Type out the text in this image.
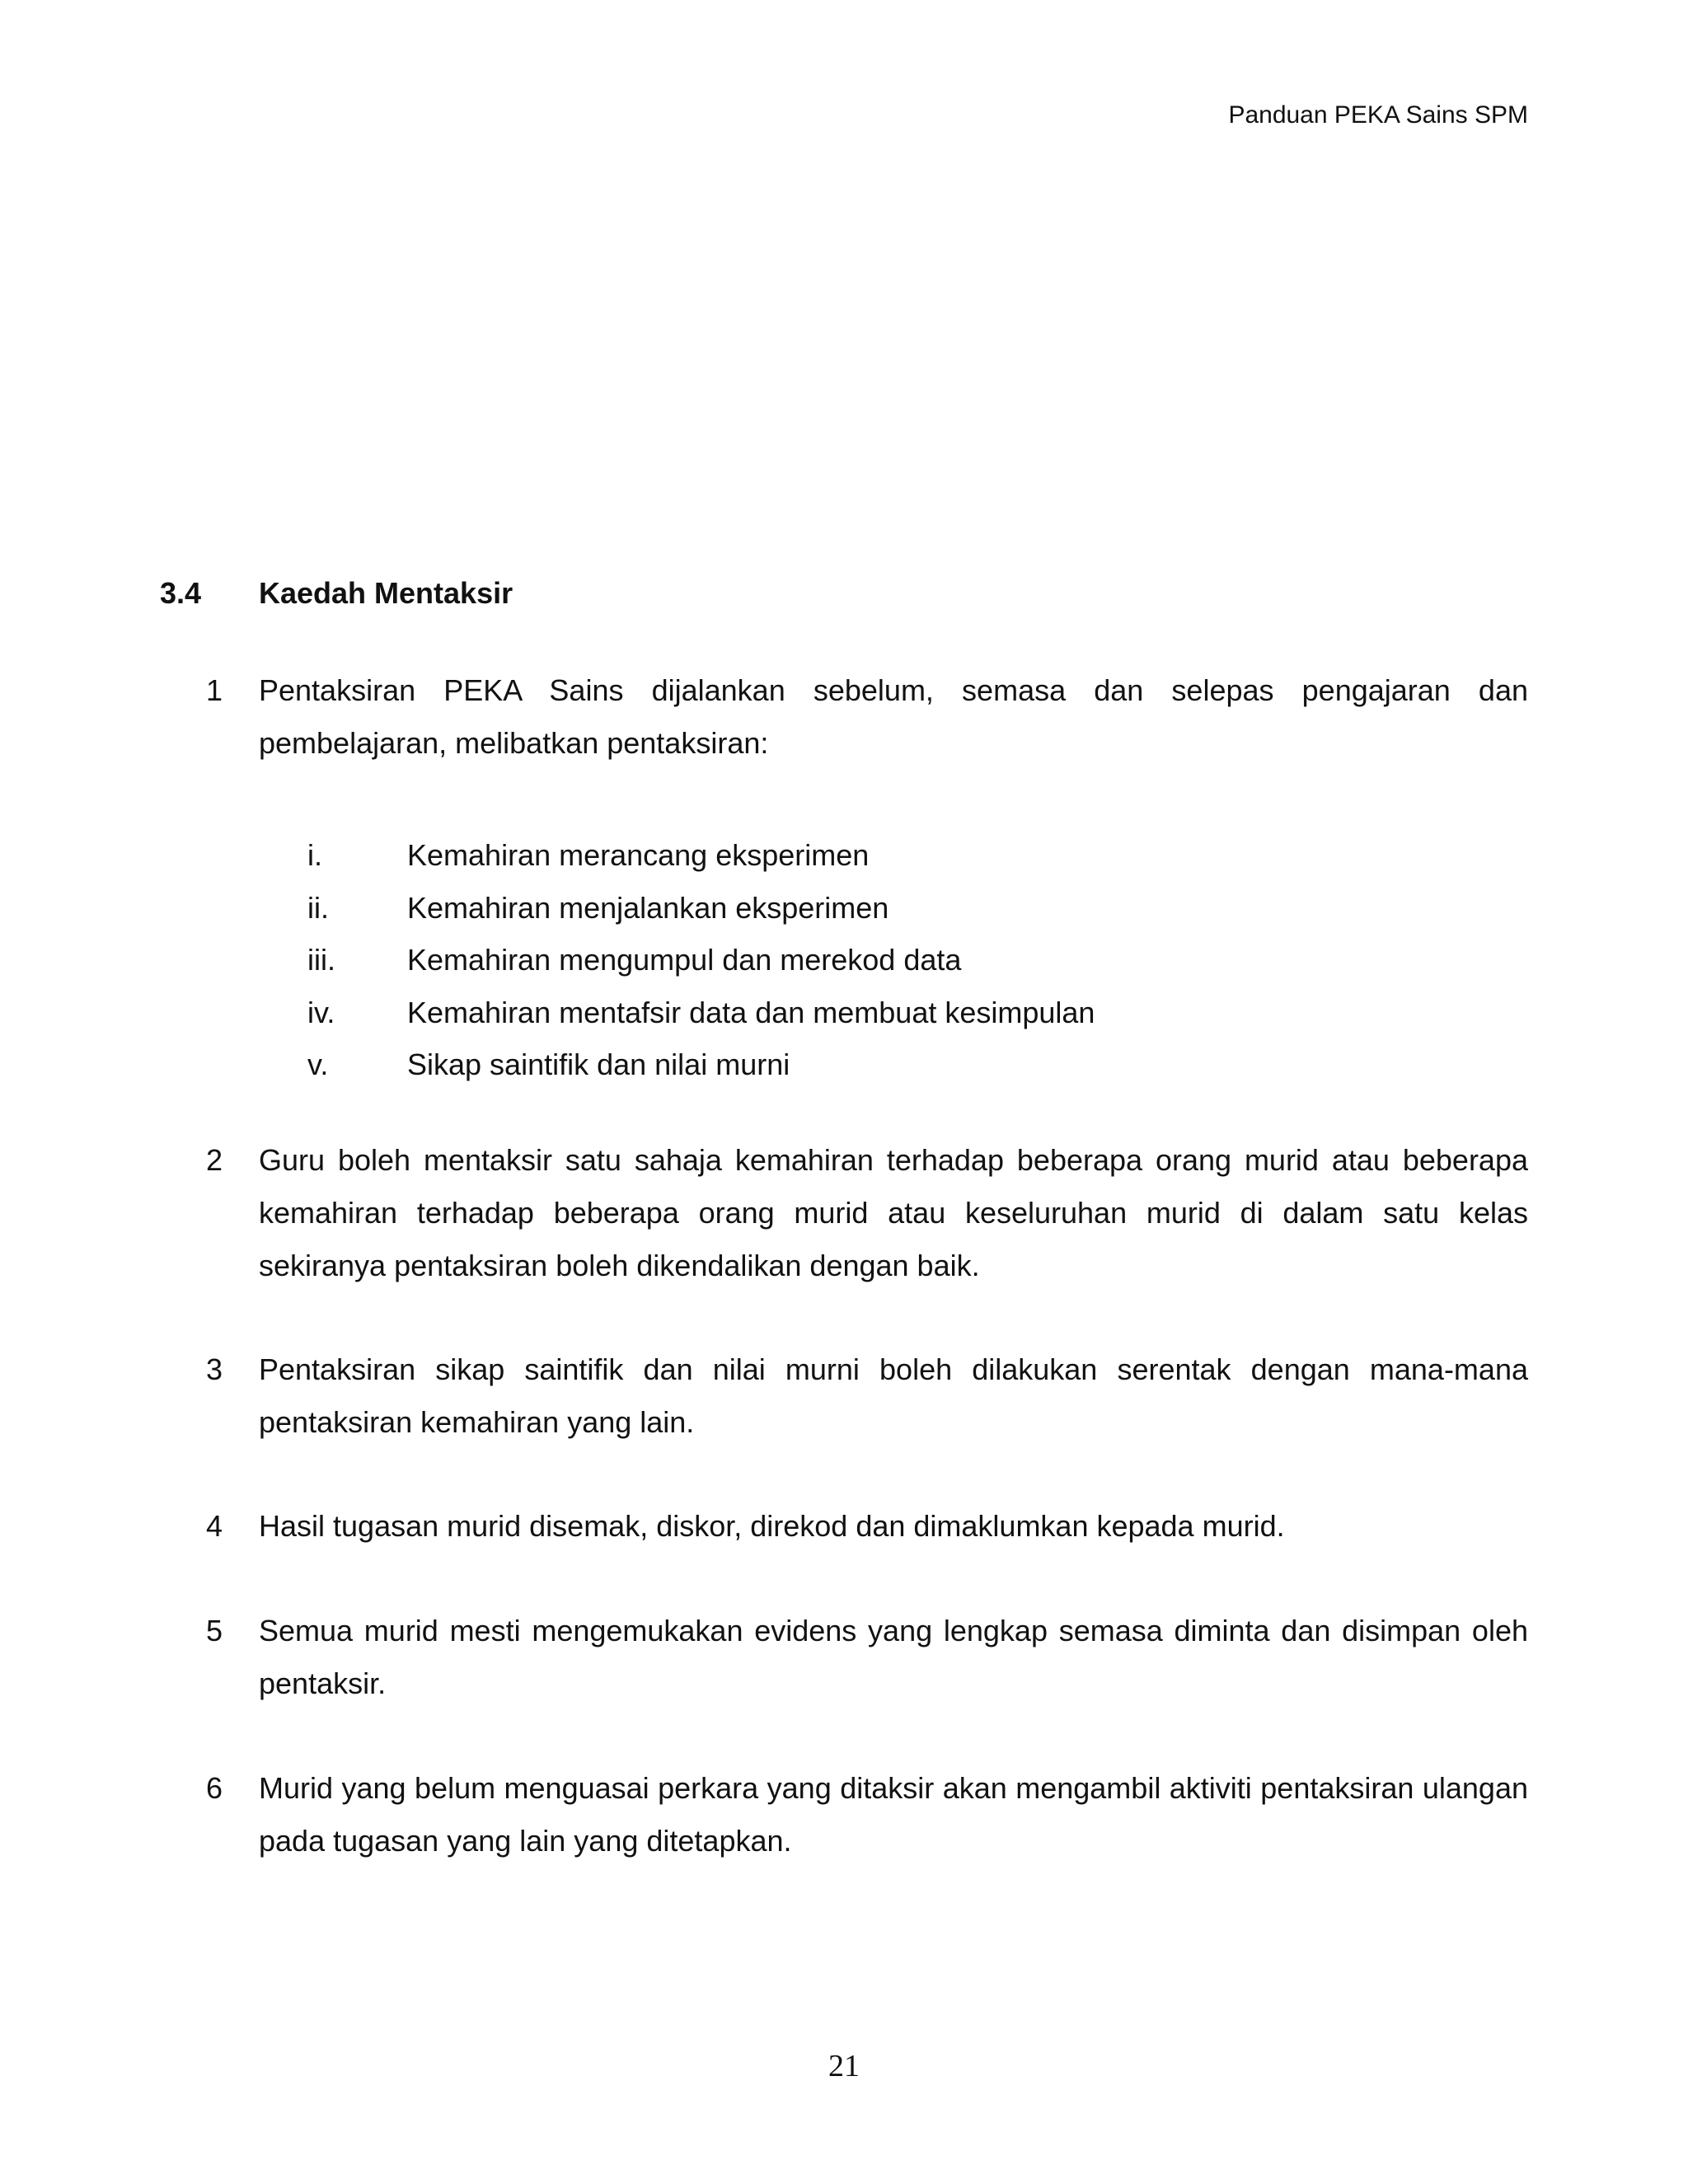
Panduan PEKA Sains SPM
3.4 Kaedah Mentaksir
1 Pentaksiran PEKA Sains dijalankan sebelum, semasa dan selepas pengajaran dan pembelajaran, melibatkan pentaksiran:
i.	Kemahiran merancang eksperimen
ii.	Kemahiran menjalankan eksperimen
iii. Kemahiran mengumpul dan merekod data
iv. Kemahiran mentafsir data dan membuat kesimpulan
v.	Sikap saintifik dan nilai murni
2 Guru boleh mentaksir satu sahaja kemahiran terhadap beberapa orang murid atau beberapa kemahiran terhadap beberapa orang murid atau keseluruhan murid di dalam satu kelas sekiranya pentaksiran boleh dikendalikan dengan baik.
3 Pentaksiran sikap saintifik dan nilai murni boleh dilakukan serentak dengan mana-mana pentaksiran kemahiran yang lain.
4 Hasil tugasan murid disemak, diskor, direkod dan dimaklumkan kepada murid.
5 Semua murid mesti mengemukakan evidens yang lengkap semasa diminta dan disimpan oleh pentaksir.
6 Murid yang belum menguasai perkara yang ditaksir akan mengambil aktiviti pentaksiran ulangan pada tugasan yang lain yang ditetapkan.
21
